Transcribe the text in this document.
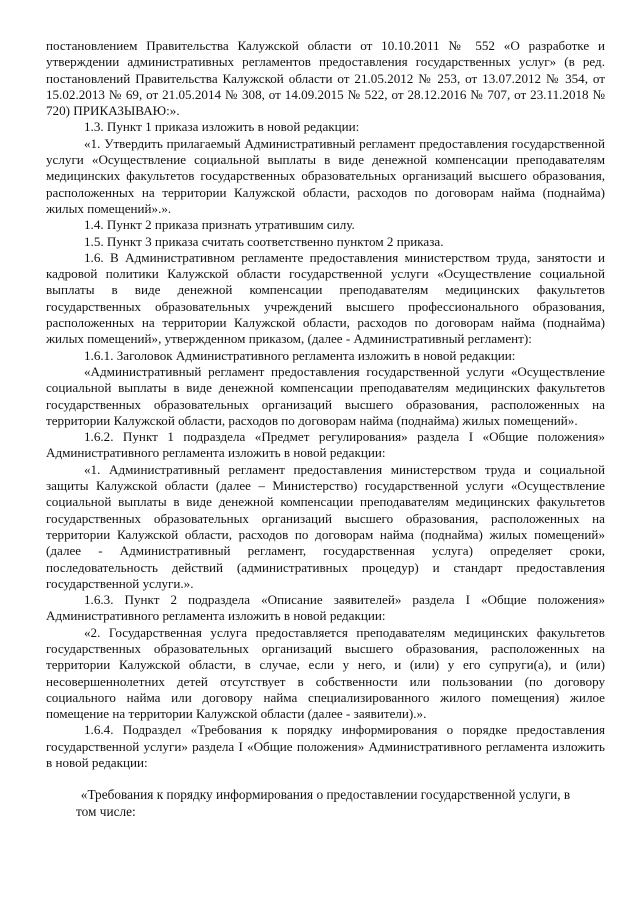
постановлением Правительства Калужской области от 10.10.2011 № 552 «О разработке и утверждении административных регламентов предоставления государственных услуг» (в ред. постановлений Правительства Калужской области от 21.05.2012 № 253, от 13.07.2012 № 354, от 15.02.2013 № 69, от 21.05.2014 № 308, от 14.09.2015 № 522, от 28.12.2016 № 707, от 23.11.2018 № 720) ПРИКАЗЫВАЮ:».

1.3. Пункт 1 приказа изложить в новой редакции:

«1. Утвердить прилагаемый Административный регламент предоставления государственной услуги «Осуществление социальной выплаты в виде денежной компенсации преподавателям медицинских факультетов государственных образовательных организаций высшего образования, расположенных на территории Калужской области, расходов по договорам найма (поднайма) жилых помещений».».

1.4. Пункт 2 приказа признать утратившим силу.

1.5. Пункт 3 приказа считать соответственно пунктом 2 приказа.

1.6. В Административном регламенте предоставления министерством труда, занятости и кадровой политики Калужской области государственной услуги «Осуществление социальной выплаты в виде денежной компенсации преподавателям медицинских факультетов государственных образовательных учреждений высшего профессионального образования, расположенных на территории Калужской области, расходов по договорам найма (поднайма) жилых помещений», утвержденном приказом, (далее - Административный регламент):

1.6.1. Заголовок Административного регламента изложить в новой редакции:

«Административный регламент предоставления государственной услуги «Осуществление социальной выплаты в виде денежной компенсации преподавателям медицинских факультетов государственных образовательных организаций высшего образования, расположенных на территории Калужской области, расходов по договорам найма (поднайма) жилых помещений».

1.6.2. Пункт 1 подраздела «Предмет регулирования» раздела I «Общие положения» Административного регламента изложить в новой редакции:

«1. Административный регламент предоставления министерством труда и социальной защиты Калужской области (далее – Министерство) государственной услуги «Осуществление социальной выплаты в виде денежной компенсации преподавателям медицинских факультетов государственных образовательных организаций высшего образования, расположенных на территории Калужской области, расходов по договорам найма (поднайма) жилых помещений» (далее - Административный регламент, государственная услуга) определяет сроки, последовательность действий (административных процедур) и стандарт предоставления государственной услуги.».

1.6.3. Пункт 2 подраздела «Описание заявителей» раздела I «Общие положения» Административного регламента изложить в новой редакции:

«2. Государственная услуга предоставляется преподавателям медицинских факультетов государственных образовательных организаций высшего образования, расположенных на территории Калужской области, в случае, если у него, и (или) у его супруги(а), и (или) несовершеннолетних детей отсутствует в собственности или пользовании (по договору социального найма или договору найма специализированного жилого помещения) жилое помещение на территории Калужской области (далее - заявители).».

1.6.4. Подраздел «Требования к порядку информирования о порядке предоставления государственной услуги» раздела I «Общие положения» Административного регламента изложить в новой редакции:

«Требования к порядку информирования о предоставлении государственной услуги, в том числе:
